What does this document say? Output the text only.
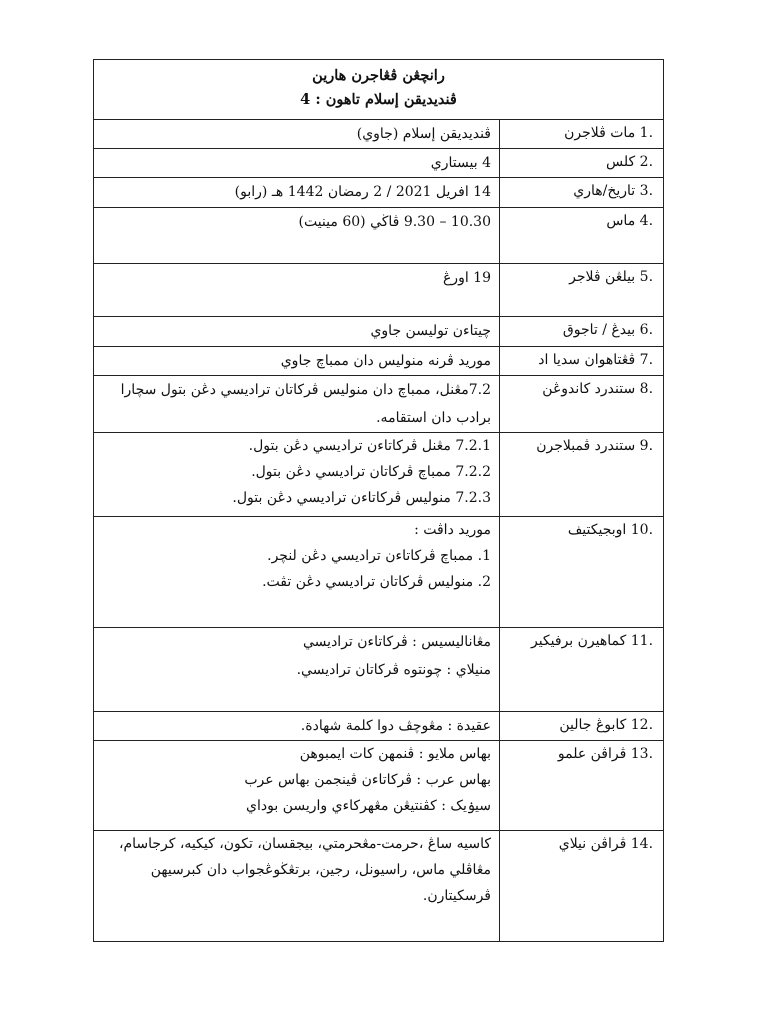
رانچڠن ڤڠاجرن هارين
ڤنديديقن إسلام تاهون : 4	

ڤنديديقن إسلام (جاوي)	1. مات ڤلاجرن

4 بيستاري	2. كلس

14 افريل 2021 / 2 رمضان 1442 هـ (رابو)	3. تاريخ/هاري

10.30 – 9.30 ڤاڬي (60 مينيت)	4. ماس

19 اورڠ	5. بيلڠن ڤلاجر

چيتاءن تولیسن جاوي	6. بيدڠ / تاجوق

موريد ڤرنه منوليس دان ممباچ جاوي	7. ڤڠتاهوان سديا اد

7.2مڠنل، ممباچ دان منوليس ڤرکاتان ترادیسي دڠن بتول سچارا
برادب دان استقامه.	8. ستندرد کاندوڠن

7.2.1 مڠنل ڤرکاتاءن ترادیسي دڠن بتول.
7.2.2 ممباچ ڤرکاتان ترادیسي دڠن بتول.
7.2.3 منوليس ڤرکاتاءن ترادیسي دڠن بتول.	9. ستندرد ڤمبلاجرن

موريد داڤت :
1. ممباچ ڤرکاتاءن ترادیسي دڠن لنچر.
2. منوليس ڤرکاتان ترادیسي دڠن تڤت.	10. اوبجيکتيف

مڠاناليسيس : ڤرکاتاءن ترادیسي
منيلاي : چونتوه ڤرکاتان ترادیسي.	11. کماهيرن برفيکير

عقيدة : مڠوچڤ دوا کلمة شهادة.	12. کابوڠ جالين

بهاس ملايو : ڤنمهن کات ايمبوهن
بهاس عرب : ڤرکاتاءن ڤينجمن بهاس عرب
سيۏيک : کڤنتيڠن مڠهرکاءي واريسن بوداي	13. ڤراڤن علمو

کاسيه ساڠ ،حرمت-مڠحرمتي، بيجقسان، تکون، کيکيه، کرجاسام،
مڠاڤلي ماس، راسيونل، رجين، برتڠڬوڠجواب دان کبرسيهن
ڤرسکيتارن.	14. ڤراڤن نيلاي
